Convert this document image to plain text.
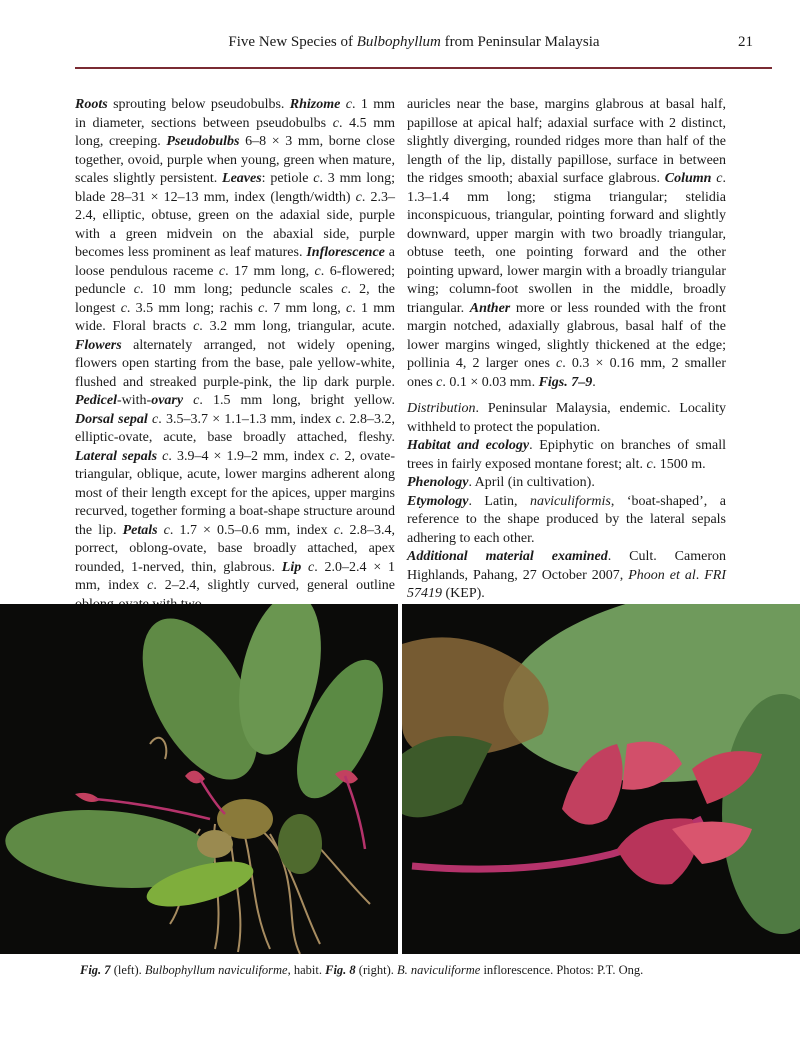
Five New Species of Bulbophyllum from Peninsular Malaysia	21

Roots sprouting below pseudobulbs. Rhizome c. 1 mm in diameter, sections between pseudobulbs c. 4.5 mm long, creeping. Pseudobulbs 6–8 × 3 mm, borne close together, ovoid, purple when young, green when mature, scales slightly persistent. Leaves: petiole c. 3 mm long; blade 28–31 × 12–13 mm, index (length/width) c. 2.3–2.4, elliptic, obtuse, green on the adaxial side, purple with a green midvein on the abaxial side, purple becomes less prominent as leaf matures. Inflorescence a loose pendulous raceme c. 17 mm long, c. 6-flowered; peduncle c. 10 mm long; peduncle scales c. 2, the longest c. 3.5 mm long; rachis c. 7 mm long, c. 1 mm wide. Floral bracts c. 3.2 mm long, triangular, acute. Flowers alternately arranged, not widely opening, flowers open starting from the base, pale yellow-white, flushed and streaked purple-pink, the lip dark purple. Pedicel-with-ovary c. 1.5 mm long, bright yellow. Dorsal sepal c. 3.5–3.7 × 1.1–1.3 mm, index c. 2.8–3.2, elliptic-ovate, acute, base broadly attached, fleshy. Lateral sepals c. 3.9–4 × 1.9–2 mm, index c. 2, ovate-triangular, oblique, acute, lower margins adherent along most of their length except for the apices, upper margins recurved, together forming a boat-shape structure around the lip. Petals c. 1.7 × 0.5–0.6 mm, index c. 2.8–3.4, porrect, oblong-ovate, base broadly attached, apex rounded, 1-nerved, thin, glabrous. Lip c. 2.0–2.4 × 1 mm, index c. 2–2.4, slightly curved, general outline

auricles near the base, margins glabrous at basal half, papillose at apical half; adaxial surface with 2 distinct, slightly diverging, rounded ridges more than half of the length of the lip, distally papillose, surface in between the ridges smooth; abaxial surface glabrous. Column c. 1.3–1.4 mm long; stigma triangular; stelidia inconspicuous, triangular, pointing forward and slightly downward, upper margin with two broadly triangular, obtuse teeth, one pointing forward and the other pointing upward, lower margin with a broadly triangular wing; column-foot swollen in the middle, broadly triangular. Anther more or less rounded with the front margin notched, adaxially glabrous, basal half of the lower margins winged, slightly thickened at the edge; pollinia 4, 2 larger ones c. 0.3 × 0.16 mm, 2 smaller ones c. 0.1 × 0.03 mm. Figs. 7–9.

Distribution. Peninsular Malaysia, endemic. Locality withheld to protect the population.

Habitat and ecology. Epiphytic on branches of small trees in fairly exposed montane forest; alt. c. 1500 m.

Phenology. April (in cultivation).

Etymology. Latin, naviculiformis, ‘boat-shaped’, a reference to the shape produced by the lateral sepals adhering to each other.

Additional material examined. Cult. Cameron Highlands, Pahang, 27 October 2007, Phoon et al. FRI 57419 (KEP).

Fig. 7 (left). Bulbophyllum naviculiforme, habit. Fig. 8 (right). B. naviculiforme inflorescence. Photos: P.T. Ong.
